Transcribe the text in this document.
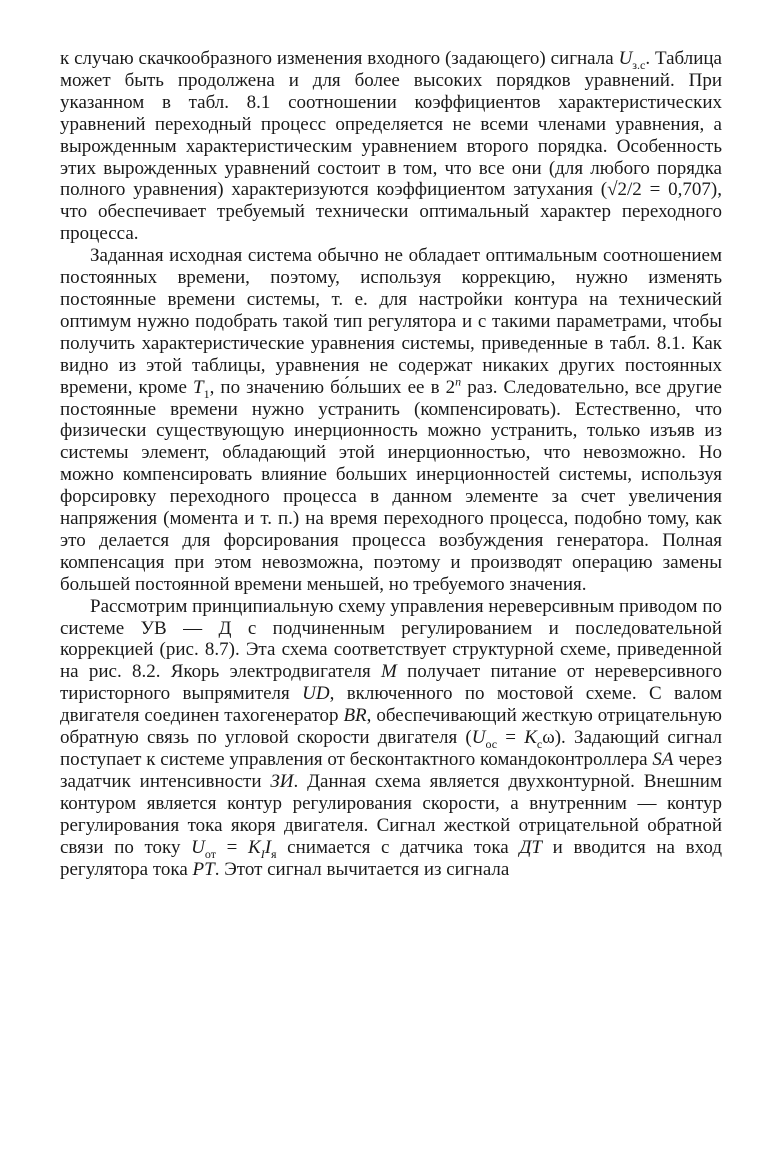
к случаю скачкообразного изменения входного (задающего) сигнала $U_{з.с}$. Таблица может быть продолжена и для более высоких порядков уравнений. При указанном в табл. 8.1 соотношении коэффициентов характеристических уравнений переходный процесс определяется не всеми членами уравнения, а вырожденным характеристическим уравнением второго порядка. Особенность этих вырожденных уравнений состоит в том, что все они (для любого порядка полного уравнения) характеризуются коэффициентом затухания (√2/2 = 0,707), что обеспечивает требуемый технически оптимальный характер переходного процесса.

Заданная исходная система обычно не обладает оптимальным соотношением постоянных времени, поэтому, используя коррекцию, нужно изменять постоянные времени системы, т. е. для настройки контура на технический оптимум нужно подобрать такой тип регулятора и с такими параметрами, чтобы получить характеристические уравнения системы, приведенные в табл. 8.1. Как видно из этой таблицы, уравнения не содержат никаких других постоянных времени, кроме $T_1$, по значению бо́льших ее в 2$^n$ раз. Следовательно, все другие постоянные времени нужно устранить (компенсировать). Естественно, что физически существующую инерционность можно устранить, только изъяв из системы элемент, обладающий этой инерционностью, что невозможно. Но можно компенсировать влияние больших инерционностей системы, используя форсировку переходного процесса в данном элементе за счет увеличения напряжения (момента и т. п.) на время переходного процесса, подобно тому, как это делается для форсирования процесса возбуждения генератора. Полная компенсация при этом невозможна, поэтому и производят операцию замены большей постоянной времени меньшей, но требуемого значения.

Рассмотрим принципиальную схему управления нереверсивным приводом по системе УВ — Д с подчиненным регулированием и последовательной коррекцией (рис. 8.7). Эта схема соответствует структурной схеме, приведенной на рис. 8.2. Якорь электродвигателя M получает питание от нереверсивного тиристорного выпрямителя UD, включенного по мостовой схеме. С валом двигателя соединен тахогенератор BR, обеспечивающий жесткую отрицательную обратную связь по угловой скорости двигателя $(U_{ос} = K_с\omega)$. Задающий сигнал поступает к системе управления от бесконтактного командоконтроллера SA через задатчик интенсивности ЗИ. Данная схема является двухконтурной. Внешним контуром является контур регулирования скорости, а внутренним — контур регулирования тока якоря двигателя. Сигнал жесткой отрицательной обратной связи по току $U_{от} = K_II_я$ снимается с датчика тока ДТ и вводится на вход регулятора тока PT. Этот сигнал вычитается из сигнала
